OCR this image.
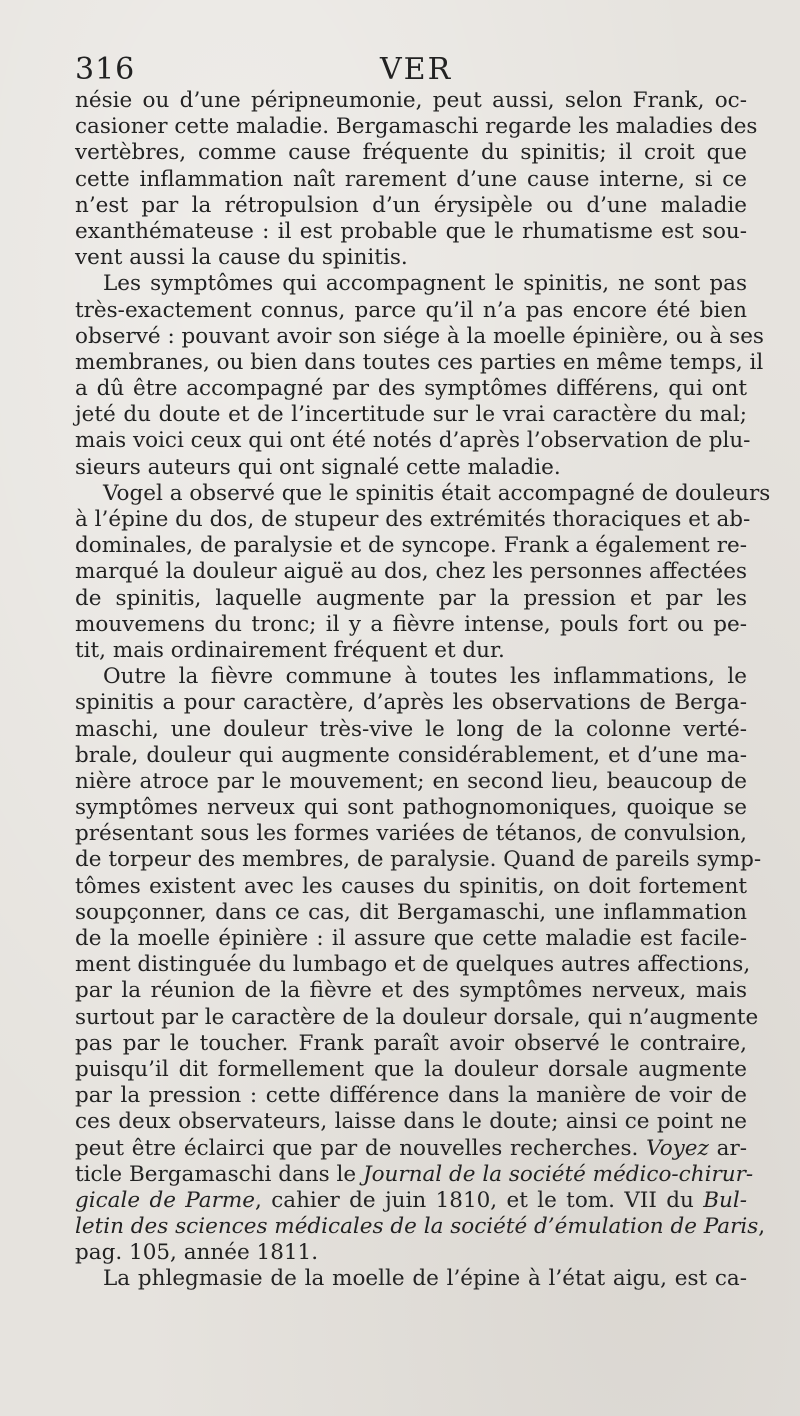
316	VER
nésie ou d’une péripneumonie, peut aussi, selon Frank, oc-
casioner cette maladie. Bergamaschi regarde les maladies des
vertèbres, comme cause fréquente du spinitis; il croit que
cette inflammation naît rarement d’une cause interne, si ce
n’est par la rétropulsion d’un érysipèle ou d’une maladie
exanthémateuse : il est probable que le rhumatisme est sou-
vent aussi la cause du spinitis.
Les symptômes qui accompagnent le spinitis, ne sont pas
très-exactement connus, parce qu’il n’a pas encore été bien
observé : pouvant avoir son siége à la moelle épinière, ou à ses
membranes, ou bien dans toutes ces parties en même temps, il
a dû être accompagné par des symptômes différens, qui ont
jeté du doute et de l’incertitude sur le vrai caractère du mal;
mais voici ceux qui ont été notés d’après l’observation de plu-
sieurs auteurs qui ont signalé cette maladie.
Vogel a observé que le spinitis était accompagné de douleurs
à l’épine du dos, de stupeur des extrémités thoraciques et ab-
dominales, de paralysie et de syncope. Frank a également re-
marqué la douleur aiguë au dos, chez les personnes affectées
de spinitis, laquelle augmente par la pression et par les
mouvemens du tronc; il y a fièvre intense, pouls fort ou pe-
tit, mais ordinairement fréquent et dur.
Outre la fièvre commune à toutes les inflammations, le
spinitis a pour caractère, d’après les observations de Berga-
maschi, une douleur très-vive le long de la colonne verté-
brale, douleur qui augmente considérablement, et d’une ma-
nière atroce par le mouvement; en second lieu, beaucoup de
symptômes nerveux qui sont pathognomoniques, quoique se
présentant sous les formes variées de tétanos, de convulsion,
de torpeur des membres, de paralysie. Quand de pareils symp-
tômes existent avec les causes du spinitis, on doit fortement
soupçonner, dans ce cas, dit Bergamaschi, une inflammation
de la moelle épinière : il assure que cette maladie est facile-
ment distinguée du lumbago et de quelques autres affections,
par la réunion de la fièvre et des symptômes nerveux, mais
surtout par le caractère de la douleur dorsale, qui n’augmente
pas par le toucher. Frank paraît avoir observé le contraire,
puisqu’il dit formellement que la douleur dorsale augmente
par la pression : cette différence dans la manière de voir de
ces deux observateurs, laisse dans le doute; ainsi ce point ne
peut être éclairci que par de nouvelles recherches. Voyez ar-
ticle Bergamaschi dans le Journal de la société médico-chirur-
gicale de Parme, cahier de juin 1810, et le tom. VII du Bul-
letin des sciences médicales de la société d’émulation de Paris,
pag. 105, année 1811.
La phlegmasie de la moelle de l’épine à l’état aigu, est ca-
